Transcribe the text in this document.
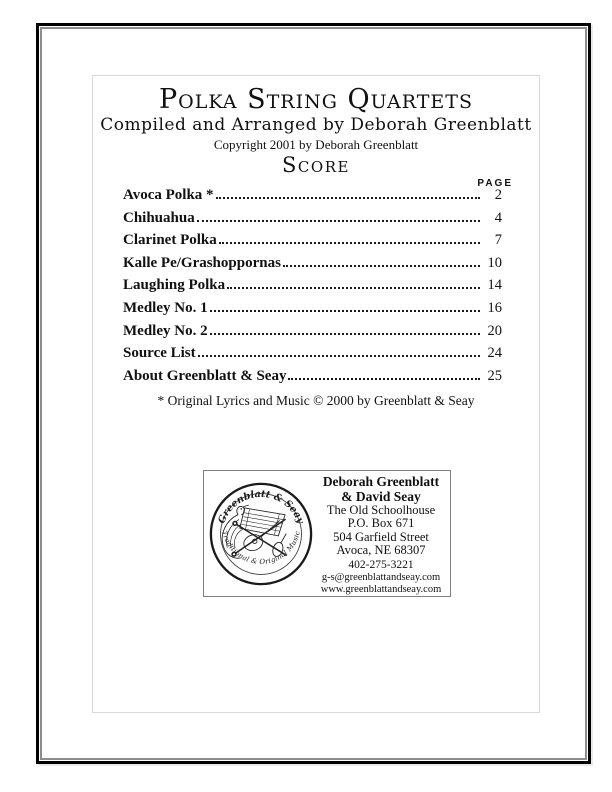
Polka String Quartets
Compiled and Arranged by Deborah Greenblatt
Copyright 2001 by Deborah Greenblatt
Score
PAGE
Avoca Polka *	2
Chihuahua	4
Clarinet Polka	7
Kalle Pe/Grashoppornas	10
Laughing Polka	14
Medley No. 1	16
Medley No. 2	20
Source List	24
About Greenblatt & Seay	25
* Original Lyrics and Music © 2000 by Greenblatt & Seay
Greenblatt & Seay
Traditional & Original Music
Deborah Greenblatt
& David Seay
The Old Schoolhouse
P.O. Box 671
504 Garfield Street
Avoca, NE 68307
402-275-3221
g-s@greenblattandseay.com
www.greenblattandseay.com
